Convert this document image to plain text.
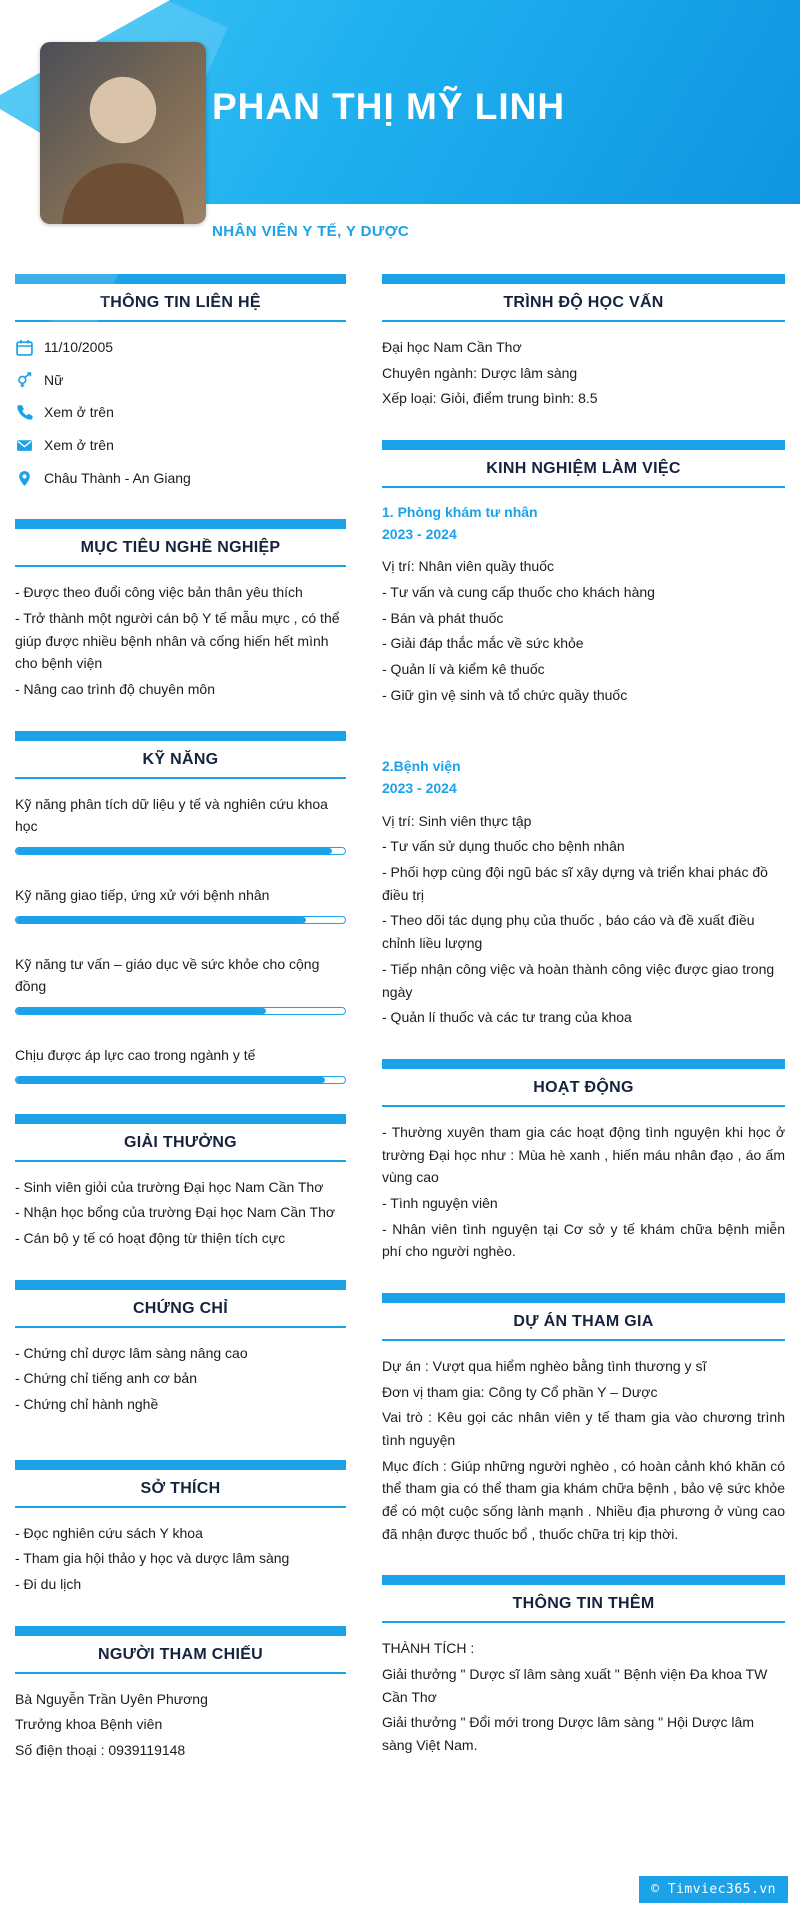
PHAN THỊ MỸ LINH
NHÂN VIÊN Y TẾ, Y DƯỢC
THÔNG TIN LIÊN HỆ
11/10/2005
Nữ
Xem ở trên
Xem ở trên
Châu Thành - An Giang
MỤC TIÊU NGHỀ NGHIỆP

- Được theo đuổi công việc bản thân yêu thích

- Trở thành một người cán bộ Y tế mẫu mực , có thể giúp được nhiều bệnh nhân và cống hiến hết mình cho bệnh viện

- Nâng cao trình độ chuyên môn

KỸ NĂNG
Kỹ năng phân tích dữ liệu y tế và nghiên cứu khoa học
Kỹ năng giao tiếp, ứng xử với bệnh nhân
Kỹ năng tư vấn – giáo dục về sức khỏe cho cộng đồng
Chịu được áp lực cao trong ngành y tế
GIẢI THƯỞNG

- Sinh viên giỏi của trường Đại học Nam Cần Thơ

- Nhận học bổng của trường Đại học Nam Cần Thơ

- Cán bộ y tế có hoạt động từ thiện tích cực

CHỨNG CHỈ

- Chứng chỉ dược lâm sàng nâng cao

- Chứng chỉ tiếng anh cơ bản

- Chứng chỉ hành nghề

SỞ THÍCH

- Đọc nghiên cứu sách Y khoa

- Tham gia hội thảo y học và dược lâm sàng

- Đi du lịch

NGƯỜI THAM CHIẾU

Bà Nguyễn Trần Uyên Phương

Trưởng khoa Bệnh viên

Số điện thoại : 0939119148

TRÌNH ĐỘ HỌC VẤN

Đại học Nam Cần Thơ

Chuyên ngành: Dược lâm sàng

Xếp loại: Giỏi, điểm trung bình: 8.5

KINH NGHIỆM LÀM VIỆC
1. Phòng khám tư nhân
2023 - 2024

Vị trí: Nhân viên quầy thuốc

- Tư vấn và cung cấp thuốc cho khách hàng

- Bán và phát thuốc

- Giải đáp thắc mắc về sức khỏe

- Quản lí và kiểm kê thuốc

- Giữ gìn vệ sinh và tổ chức quầy thuốc

2.Bệnh viện
2023 - 2024

Vị trí: Sinh viên thực tập

- Tư vấn sử dụng thuốc cho bệnh nhân

- Phối hợp cùng đội ngũ bác sĩ xây dựng và triển khai phác đồ điều trị

- Theo dõi tác dụng phụ của thuốc , báo cáo và đề xuất điều chỉnh liều lượng

- Tiếp nhận công việc và hoàn thành công việc được giao trong ngày

- Quản lí thuốc và các tư trang của khoa

HOẠT ĐỘNG

- Thường xuyên tham gia các hoạt động tình nguyện khi học ở trường Đại học như : Mùa hè xanh , hiến máu nhân đạo , áo ấm vùng cao

- Tình nguyện viên

- Nhân viên tình nguyện tại Cơ sở y tế khám chữa bệnh miễn phí cho người nghèo.

DỰ ÁN THAM GIA

Dự án : Vượt qua hiểm nghèo bằng tình thương y sĩ

Đơn vị tham gia: Công ty Cổ phần Y – Dược

Vai trò : Kêu gọi các nhân viên y tế tham gia vào chương trình tình nguyện

Mục đích : Giúp những người nghèo , có hoàn cảnh khó khăn có thể tham gia có thể tham gia khám chữa bệnh , bảo vệ sức khỏe để có một cuộc sống lành mạnh . Nhiều địa phương ở vùng cao đã nhận được thuốc bổ , thuốc chữa trị kịp thời.

THÔNG TIN THÊM

THÀNH TÍCH :

Giải thưởng " Dược sĩ lâm sàng xuất " Bệnh viện Đa khoa TW Cần Thơ

Giải thưởng " Đổi mới trong Dược lâm sàng " Hội Dược lâm sàng Việt Nam.

© Timviec365.vn
